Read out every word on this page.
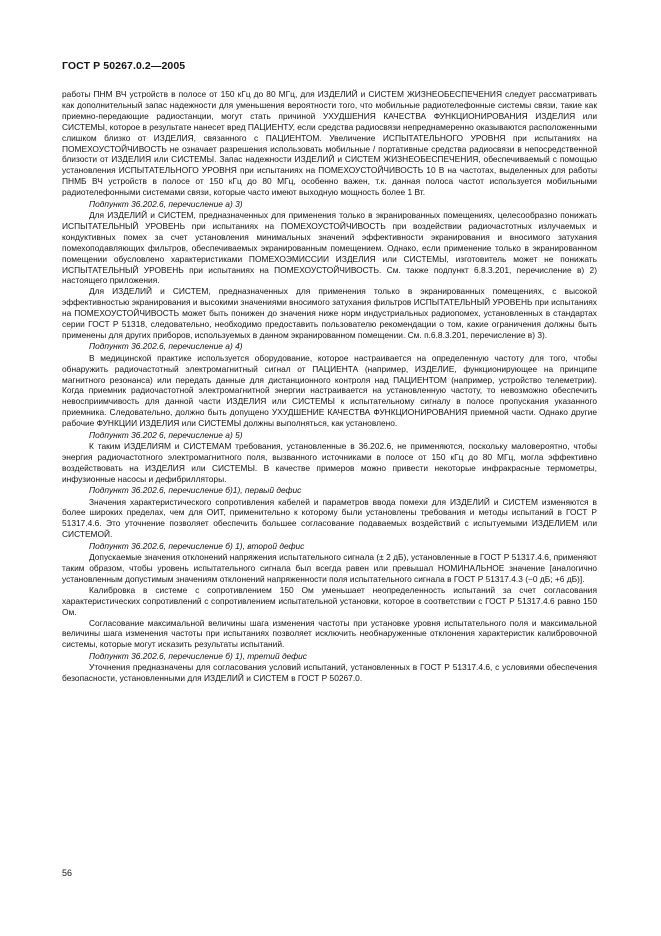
ГОСТ Р 50267.0.2—2005

работы ПНМ ВЧ устройств в полосе от 150 кГц до 80 МГц, для ИЗДЕЛИЙ и СИСТЕМ ЖИЗНЕОБЕСПЕЧЕНИЯ следует рассматривать как дополнительный запас надежности для уменьшения вероятности того, что мобильные радиотелефонные системы связи, такие как приемно-передающие радиостанции, могут стать причиной УХУДШЕНИЯ КАЧЕСТВА ФУНКЦИОНИРОВАНИЯ ИЗДЕЛИЯ или СИСТЕМЫ, которое в результате нанесет вред ПАЦИЕНТУ, если средства радиосвязи непреднамеренно оказываются расположенными слишком близко от ИЗДЕЛИЯ, связанного с ПАЦИЕНТОМ. Увеличение ИСПЫТАТЕЛЬНОГО УРОВНЯ при испытаниях на ПОМЕХОУСТОЙЧИВОСТЬ не означает разрешения использовать мобильные / портативные средства радиосвязи в непосредственной близости от ИЗДЕЛИЯ или СИСТЕМЫ. Запас надежности ИЗДЕЛИЙ и СИСТЕМ ЖИЗНЕОБЕСПЕЧЕНИЯ, обеспечиваемый с помощью установления ИСПЫТАТЕЛЬНОГО УРОВНЯ при испытаниях на ПОМЕХОУСТОЙЧИВОСТЬ 10 В на частотах, выделенных для работы ПНМБ ВЧ устройств в полосе от 150 кГц до 80 МГц, особенно важен, т.к. данная полоса частот используется мобильными радиотелефонными системами связи, которые часто имеют выходную мощность более 1 Вт.

Подпункт 36.202.6, перечисление а) 3)

Для ИЗДЕЛИЙ и СИСТЕМ, предназначенных для применения только в экранированных помещениях, целесообразно понижать ИСПЫТАТЕЛЬНЫЙ УРОВЕНЬ при испытаниях на ПОМЕХОУСТОЙЧИВОСТЬ при воздействии радиочастотных излучаемых и кондуктивных помех за счет установления минимальных значений эффективности экранирования и вносимого затухания помехоподавляющих фильтров, обеспечиваемых экранированным помещением. Однако, если применение только в экранированном помещении обусловлено характеристиками ПОМЕХОЭМИССИИ ИЗДЕЛИЯ или СИСТЕМЫ, изготовитель может не понижать ИСПЫТАТЕЛЬНЫЙ УРОВЕНЬ при испытаниях на ПОМЕХОУСТОЙЧИВОСТЬ. См. также подпункт 6.8.3.201, перечисление в) 2) настоящего приложения.

Для ИЗДЕЛИЙ и СИСТЕМ, предназначенных для применения только в экранированных помещениях, с высокой эффективностью экранирования и высокими значениями вносимого затухания фильтров ИСПЫТАТЕЛЬНЫЙ УРОВЕНЬ при испытаниях на ПОМЕХОУСТОЙЧИВОСТЬ может быть понижен до значения ниже норм индустриальных радиопомех, установленных в стандартах серии ГОСТ Р 51318, следовательно, необходимо предоставить пользователю рекомендации о том, какие ограничения должны быть применены для других приборов, используемых в данном экранированном помещении. См. п.6.8.3.201, перечисление в) 3).

Подпункт 36.202.6, перечисление а) 4)

В медицинской практике используется оборудование, которое настраивается на определенную частоту для того, чтобы обнаружить радиочастотный электромагнитный сигнал от ПАЦИЕНТА (например, ИЗДЕЛИЕ, функционирующее на принципе магнитного резонанса) или передать данные для дистанционного контроля над ПАЦИЕНТОМ (например, устройство телеметрии). Когда приемник радиочастотной электромагнитной энергии настраивается на установленную частоту, то невозможно обеспечить невосприимчивость для данной части ИЗДЕЛИЯ или СИСТЕМЫ к испытательному сигналу в полосе пропускания указанного приемника. Следовательно, должно быть допущено УХУДШЕНИЕ КАЧЕСТВА ФУНКЦИОНИРОВАНИЯ приемной части. Однако другие рабочие ФУНКЦИИ ИЗДЕЛИЯ или СИСТЕМЫ должны выполняться, как установлено.

Подпункт 36.202 6, перечисление а) 5)

К таким ИЗДЕЛИЯМ и СИСТЕМАМ требования, установленные в 36.202.6, не применяются, поскольку маловероятно, чтобы энергия радиочастотного электромагнитного поля, вызванного источниками в полосе от 150 кГц до 80 МГц, могла эффективно воздействовать на ИЗДЕЛИЯ или СИСТЕМЫ. В качестве примеров можно привести некоторые инфракрасные термометры, инфузионные насосы и дефибрилляторы.

Подпункт 36.202.6, перечисление б)1), первый дефис

Значения характеристического сопротивления кабелей и параметров ввода помехи для ИЗДЕЛИЙ и СИСТЕМ изменяются в более широких пределах, чем для ОИТ, применительно к которому были установлены требования и методы испытаний в ГОСТ Р 51317.4.6. Это уточнение позволяет обеспечить большее согласование подаваемых воздействий с испытуемыми ИЗДЕЛИЕМ или СИСТЕМОЙ.

Подпункт 36.202.6, перечисление б) 1), второй дефис

Допускаемые значения отклонений напряжения испытательного сигнала (± 2 дБ), установленные в ГОСТ Р 51317.4.6, применяют таким образом, чтобы уровень испытательного сигнала был всегда равен или превышал НОМИНАЛЬНОЕ значение [аналогично установленным допустимым значениям отклонений напряженности поля испытательного сигнала в ГОСТ Р 51317.4.3 (−0 дБ; +6 дБ)].

Калибровка в системе с сопротивлением 150 Ом уменьшает неопределенность испытаний за счет согласования характеристических сопротивлений с сопротивлением испытательной установки, которое в соответствии с ГОСТ Р 51317.4.6 равно 150 Ом.

Согласование максимальной величины шага изменения частоты при установке уровня испытательного поля и максимальной величины шага изменения частоты при испытаниях позволяет исключить необнаруженные отклонения характеристик калибровочной системы, которые могут исказить результаты испытаний.

Подпункт 36.202.6, перечисление б) 1), третий дефис

Уточнения предназначены для согласования условий испытаний, установленных в ГОСТ Р 51317.4.6, с условиями обеспечения безопасности, установленными для ИЗДЕЛИЙ и СИСТЕМ в ГОСТ Р 50267.0.

56
